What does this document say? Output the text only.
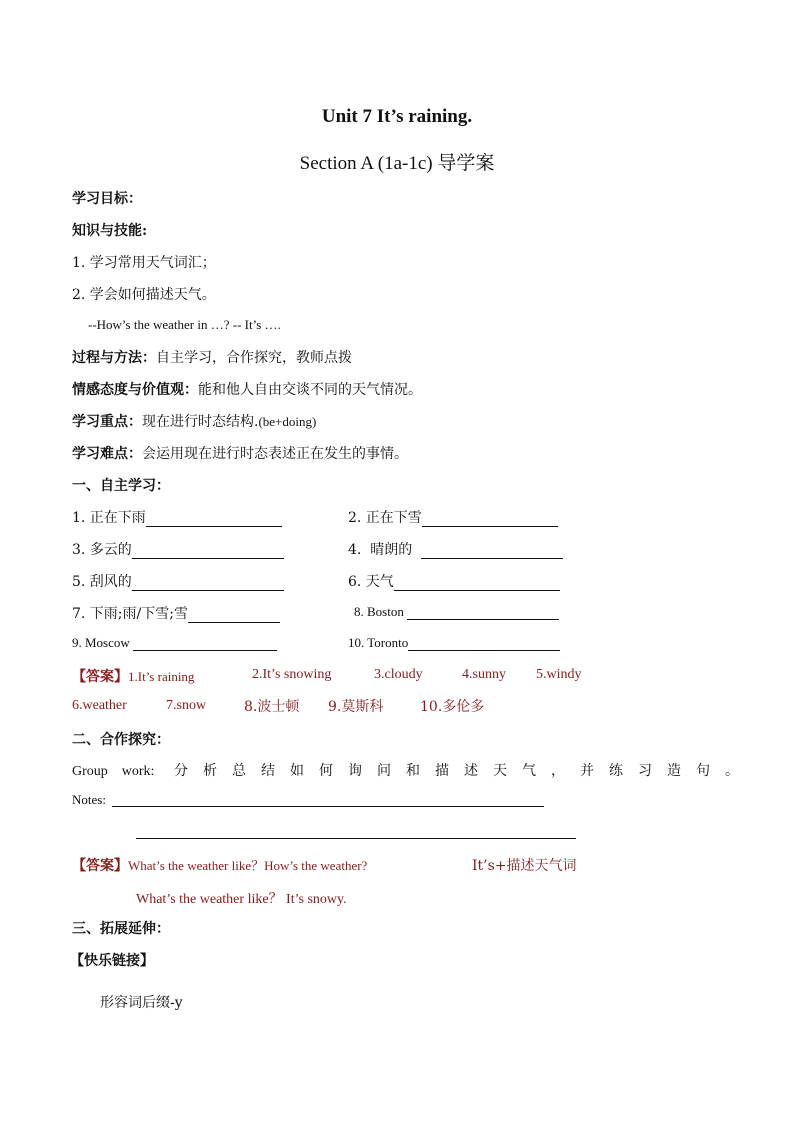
Unit 7 It’s raining.
Section A (1a-1c) 导学案
学习目标：
知识与技能:
1. 学习常用天气词汇；
2. 学会如何描述天气。
--How’s the weather in …? -- It’s ….
过程与方法：自主学习，合作探究，教师点拨
情感态度与价值观：能和他人自由交谈不同的天气情况。
学习重点：现在进行时态结构.(be+doing)
学习难点：会运用现在进行时态表述正在发生的事情。
一、自主学习：
1. 正在下雨	2. 正在下雪
3. 多云的	4.  晴朗的
5. 刮风的	6. 天气
7. 下雨;雨/下雪;雪	8. Boston
9. Moscow	10. Toronto
【答案】1.It’s raining	2.It’s snowing	3.cloudy	4.sunny 5.windy
6.weather	7.snow	8.波士顿 9.莫斯科	10.多伦多
二、合作探究：
Group    work: 分 析 总 结 如 何 询 问 和 描 述 天 气 ， 并 练 习 造 句 。
Notes:
【答案】What’s the weather like？How’s the weather?	It’s+描述天气词
What’s the weather like？ It’s snowy.
三、拓展延伸：
【快乐链接】
形容词后缀-y
